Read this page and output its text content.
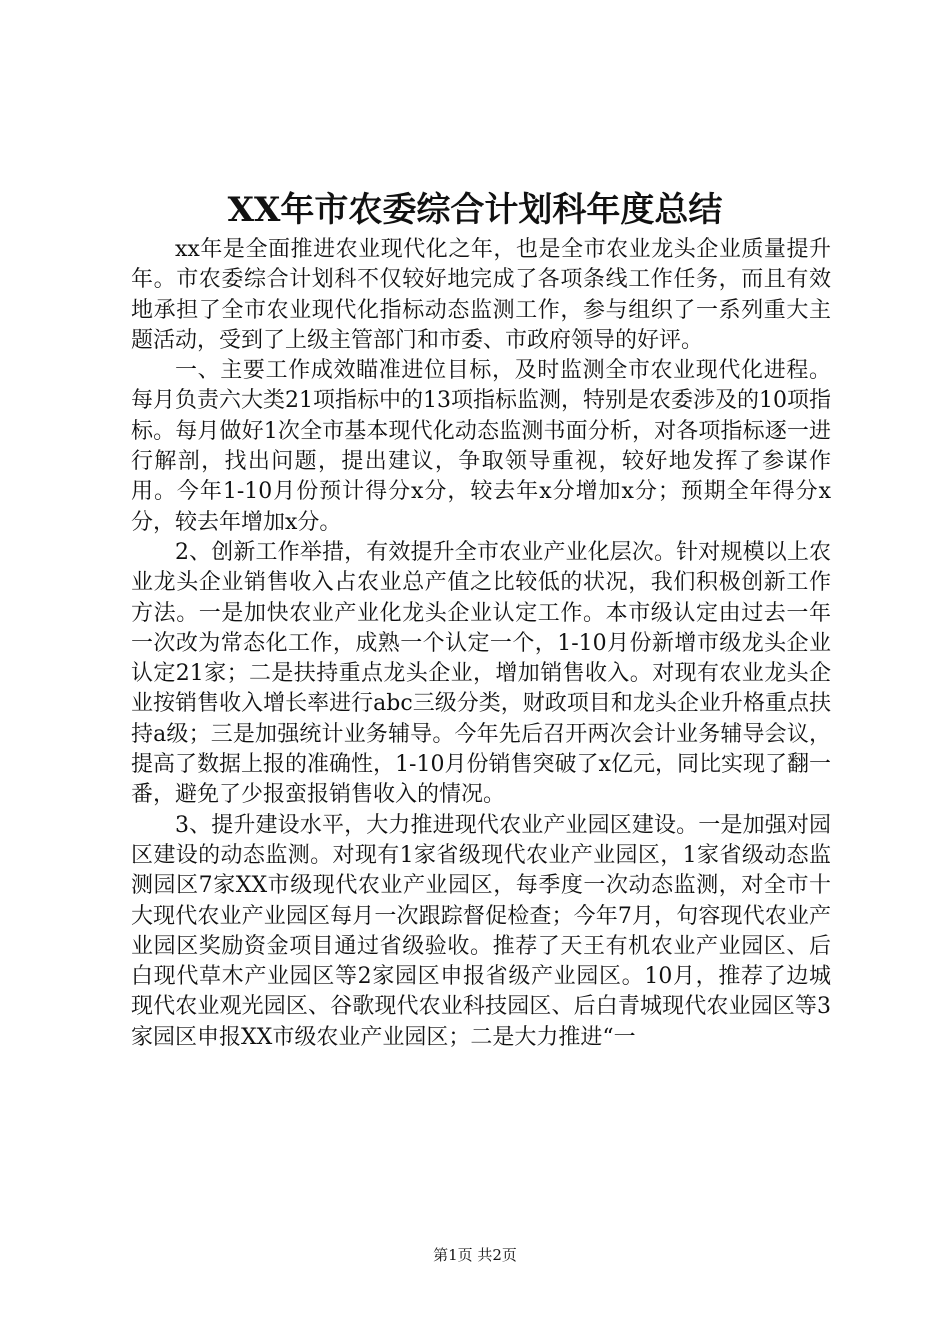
XX年市农委综合计划科年度总结

xx年是全面推进农业现代化之年，也是全市农业龙头企业质量提升年。市农委综合计划科不仅较好地完成了各项条线工作任务，而且有效地承担了全市农业现代化指标动态监测工作，参与组织了一系列重大主题活动，受到了上级主管部门和市委、市政府领导的好评。

一、主要工作成效瞄准进位目标，及时监测全市农业现代化进程。每月负责六大类21项指标中的13项指标监测，特别是农委涉及的10项指标。每月做好1次全市基本现代化动态监测书面分析，对各项指标逐一进行解剖，找出问题，提出建议，争取领导重视，较好地发挥了参谋作用。今年1-10月份预计得分x分，较去年x分增加x分；预期全年得分x分，较去年增加x分。

2、创新工作举措，有效提升全市农业产业化层次。针对规模以上农业龙头企业销售收入占农业总产值之比较低的状况，我们积极创新工作方法。一是加快农业产业化龙头企业认定工作。本市级认定由过去一年一次改为常态化工作，成熟一个认定一个，1-10月份新增市级龙头企业认定21家；二是扶持重点龙头企业，增加销售收入。对现有农业龙头企业按销售收入增长率进行abc三级分类，财政项目和龙头企业升格重点扶持a级；三是加强统计业务辅导。今年先后召开两次会计业务辅导会议，提高了数据上报的准确性，1-10月份销售突破了x亿元，同比实现了翻一番，避免了少报蛮报销售收入的情况。

3、提升建设水平，大力推进现代农业产业园区建设。一是加强对园区建设的动态监测。对现有1家省级现代农业产业园区，1家省级动态监测园区7家XX市级现代农业产业园区，每季度一次动态监测，对全市十大现代农业产业园区每月一次跟踪督促检查；今年7月，句容现代农业产业园区奖励资金项目通过省级验收。推荐了天王有机农业产业园区、后白现代草木产业园区等2家园区申报省级产业园区。10月，推荐了边城现代农业观光园区、谷歌现代农业科技园区、后白青城现代农业园区等3家园区申报XX市级农业产业园区；二是大力推进“一

第1页 共2页
